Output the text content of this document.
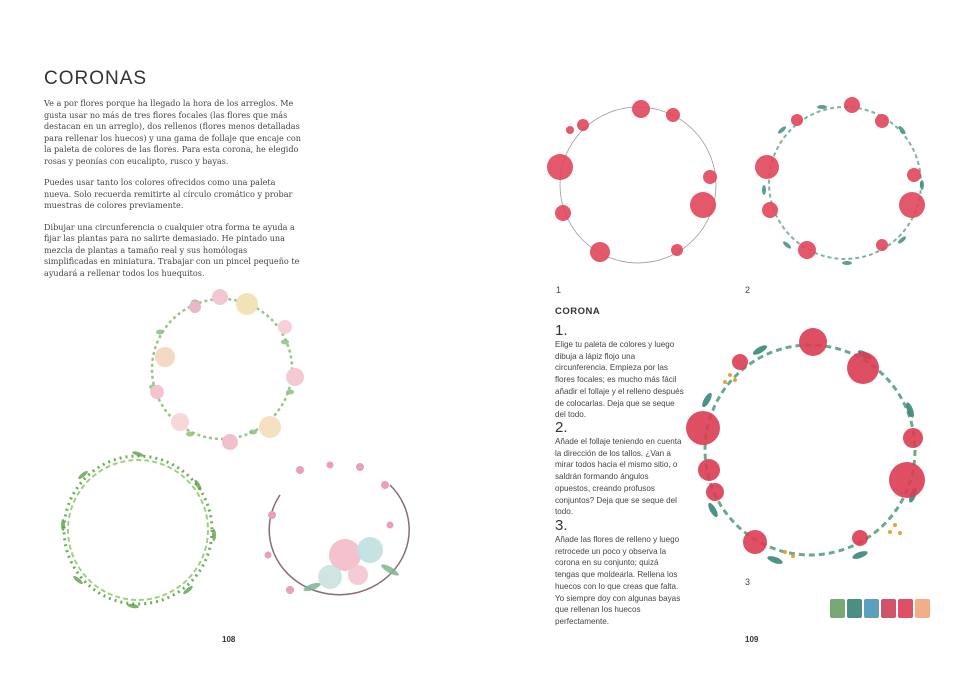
CORONAS

Ve a por flores porque ha llegado la hora de los arreglos. Me gusta usar no más de tres flores focales (las flores que más destacan en un arreglo), dos rellenos (flores menos detalladas para rellenar los huecos) y una gama de follaje que encaje con la paleta de colores de las flores. Para esta corona, he elegido rosas y peonías con eucalipto, rusco y bayas.

Puedes usar tanto los colores ofrecidos como una paleta nueva. Solo recuerda remitirte al círculo cromático y probar muestras de colores previamente.

Dibujar una circunferencia o cualquier otra forma te ayuda a fijar las plantas para no salirte demasiado. He pintado una mezcla de plantas a tamaño real y sus homólogas simplificadas en miniatura. Trabajar con un pincel pequeño te ayudará a rellenar todos los huequitos.

108
1	2
CORONA
1.
Elige tu paleta de colores y luego dibuja a lápiz flojo una circunferencia. Empieza por las flores focales; es mucho más fácil añadir el follaje y el relleno después de colocarlas. Deja que se seque del todo.
2.
Añade el follaje teniendo en cuenta la dirección de los tallos. ¿Van a mirar todos hacia el mismo sitio, o saldrán formando ángulos opuestos, creando profusos conjuntos? Deja que se seque del todo.
3.
Añade las flores de relleno y luego retrocede un poco y observa la corona en su conjunto; quizá tengas que moldearla. Rellena los huecos con lo que creas que falta. Yo siempre doy con algunas bayas que rellenan los huecos perfectamente.
3
109
